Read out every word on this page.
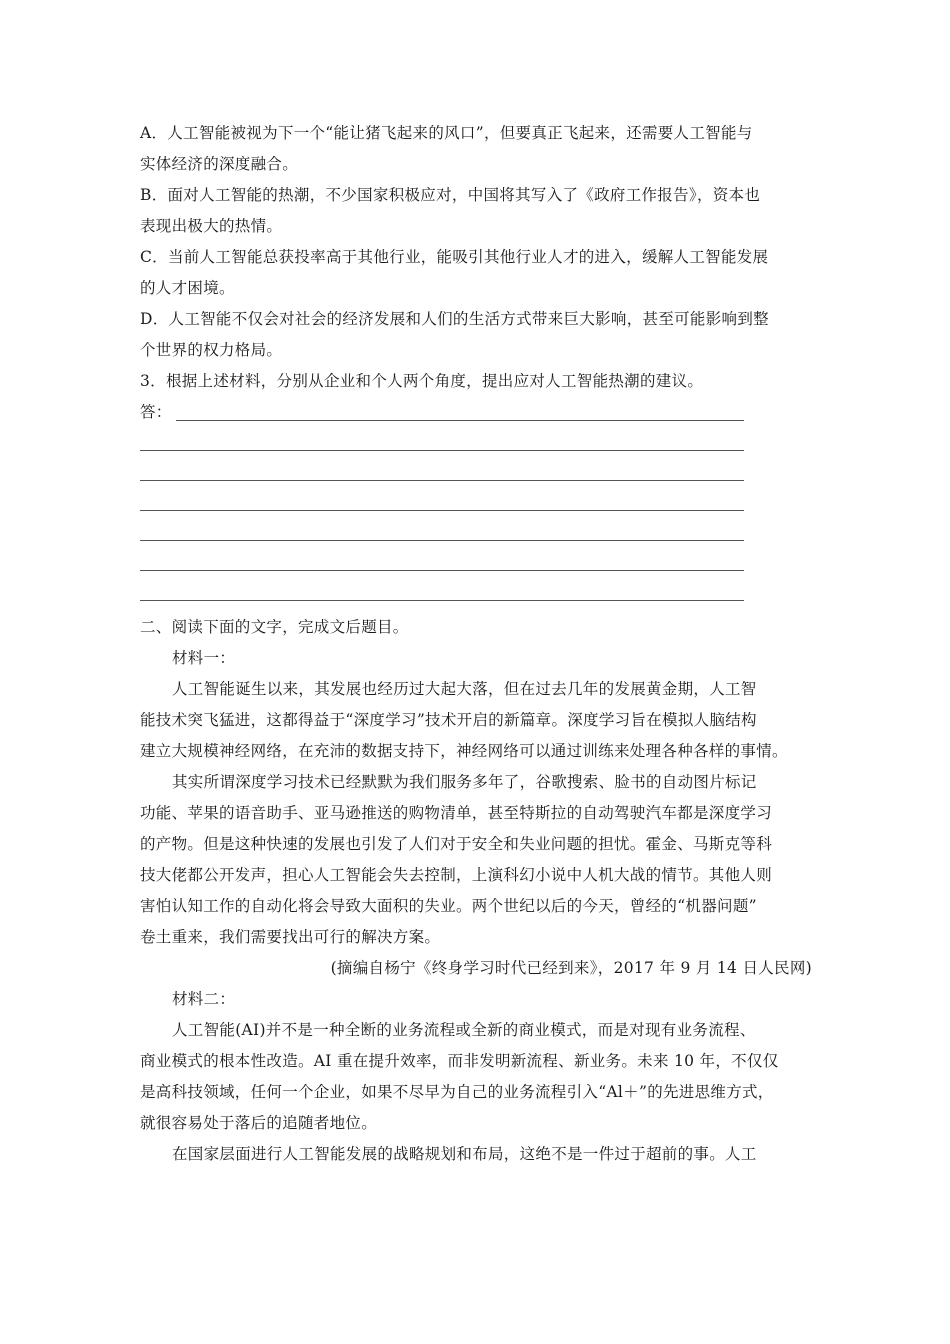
A．人工智能被视为下一个“能让猪飞起来的风口”，但要真正飞起来，还需要人工智能与
实体经济的深度融合。
B．面对人工智能的热潮，不少国家积极应对，中国将其写入了《政府工作报告》，资本也
表现出极大的热情。
C．当前人工智能总获投率高于其他行业，能吸引其他行业人才的进入，缓解人工智能发展
的人才困境。
D．人工智能不仅会对社会的经济发展和人们的生活方式带来巨大影响，甚至可能影响到整
个世界的权力格局。
3．根据上述材料，分别从企业和个人两个角度，提出应对人工智能热潮的建议。
答：
二、阅读下面的文字，完成文后题目。
材料一：
人工智能诞生以来，其发展也经历过大起大落，但在过去几年的发展黄金期，人工智
能技术突飞猛进，这都得益于“深度学习”技术开启的新篇章。深度学习旨在模拟人脑结构
建立大规模神经网络，在充沛的数据支持下，神经网络可以通过训练来处理各种各样的事情。
其实所谓深度学习技术已经默默为我们服务多年了，谷歌搜索、脸书的自动图片标记
功能、苹果的语音助手、亚马逊推送的购物清单，甚至特斯拉的自动驾驶汽车都是深度学习
的产物。但是这种快速的发展也引发了人们对于安全和失业问题的担忧。霍金、马斯克等科
技大佬都公开发声，担心人工智能会失去控制，上演科幻小说中人机大战的情节。其他人则
害怕认知工作的自动化将会导致大面积的失业。两个世纪以后的今天，曾经的“机器问题”
卷土重来，我们需要找出可行的解决方案。
(摘编自杨宁《终身学习时代已经到来》，2017 年 9 月 14 日人民网)
材料二：
人工智能(AI)并不是一种全断的业务流程或全新的商业模式，而是对现有业务流程、
商业模式的根本性改造。AI 重在提升效率，而非发明新流程、新业务。未来 10 年，不仅仅
是高科技领域，任何一个企业，如果不尽早为自己的业务流程引入“Al＋”的先进思维方式，
就很容易处于落后的追随者地位。
在国家层面进行人工智能发展的战略规划和布局，这绝不是一件过于超前的事。人工
